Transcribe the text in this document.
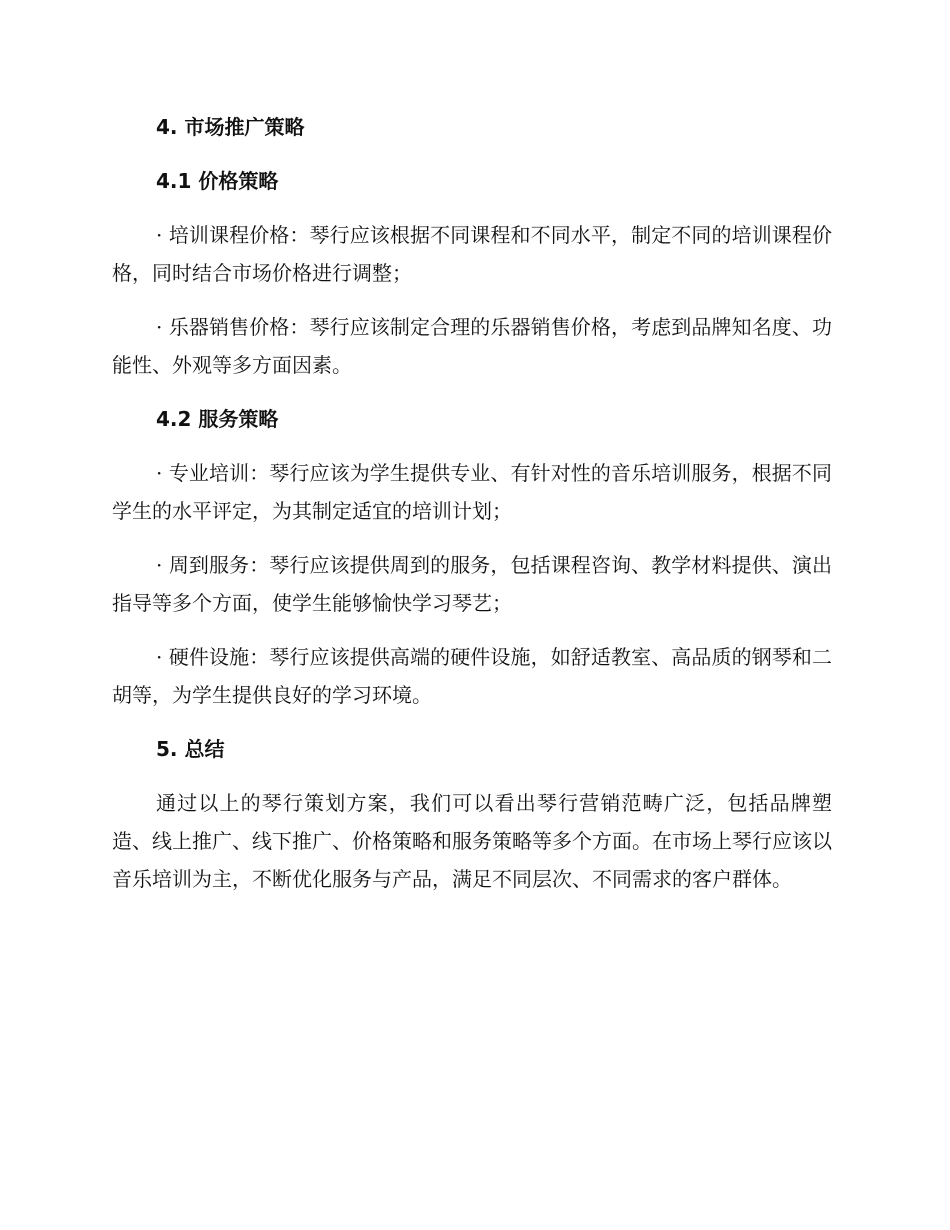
4. 市场推广策略
4.1 价格策略

· 培训课程价格：琴行应该根据不同课程和不同水平，制定不同的培训课程价格，同时结合市场价格进行调整；

· 乐器销售价格：琴行应该制定合理的乐器销售价格，考虑到品牌知名度、功能性、外观等多方面因素。

4.2 服务策略

· 专业培训：琴行应该为学生提供专业、有针对性的音乐培训服务，根据不同学生的水平评定，为其制定适宜的培训计划；

· 周到服务：琴行应该提供周到的服务，包括课程咨询、教学材料提供、演出指导等多个方面，使学生能够愉快学习琴艺；

· 硬件设施：琴行应该提供高端的硬件设施，如舒适教室、高品质的钢琴和二胡等，为学生提供良好的学习环境。

5. 总结

通过以上的琴行策划方案，我们可以看出琴行营销范畴广泛，包括品牌塑造、线上推广、线下推广、价格策略和服务策略等多个方面。在市场上琴行应该以音乐培训为主，不断优化服务与产品，满足不同层次、不同需求的客户群体。
